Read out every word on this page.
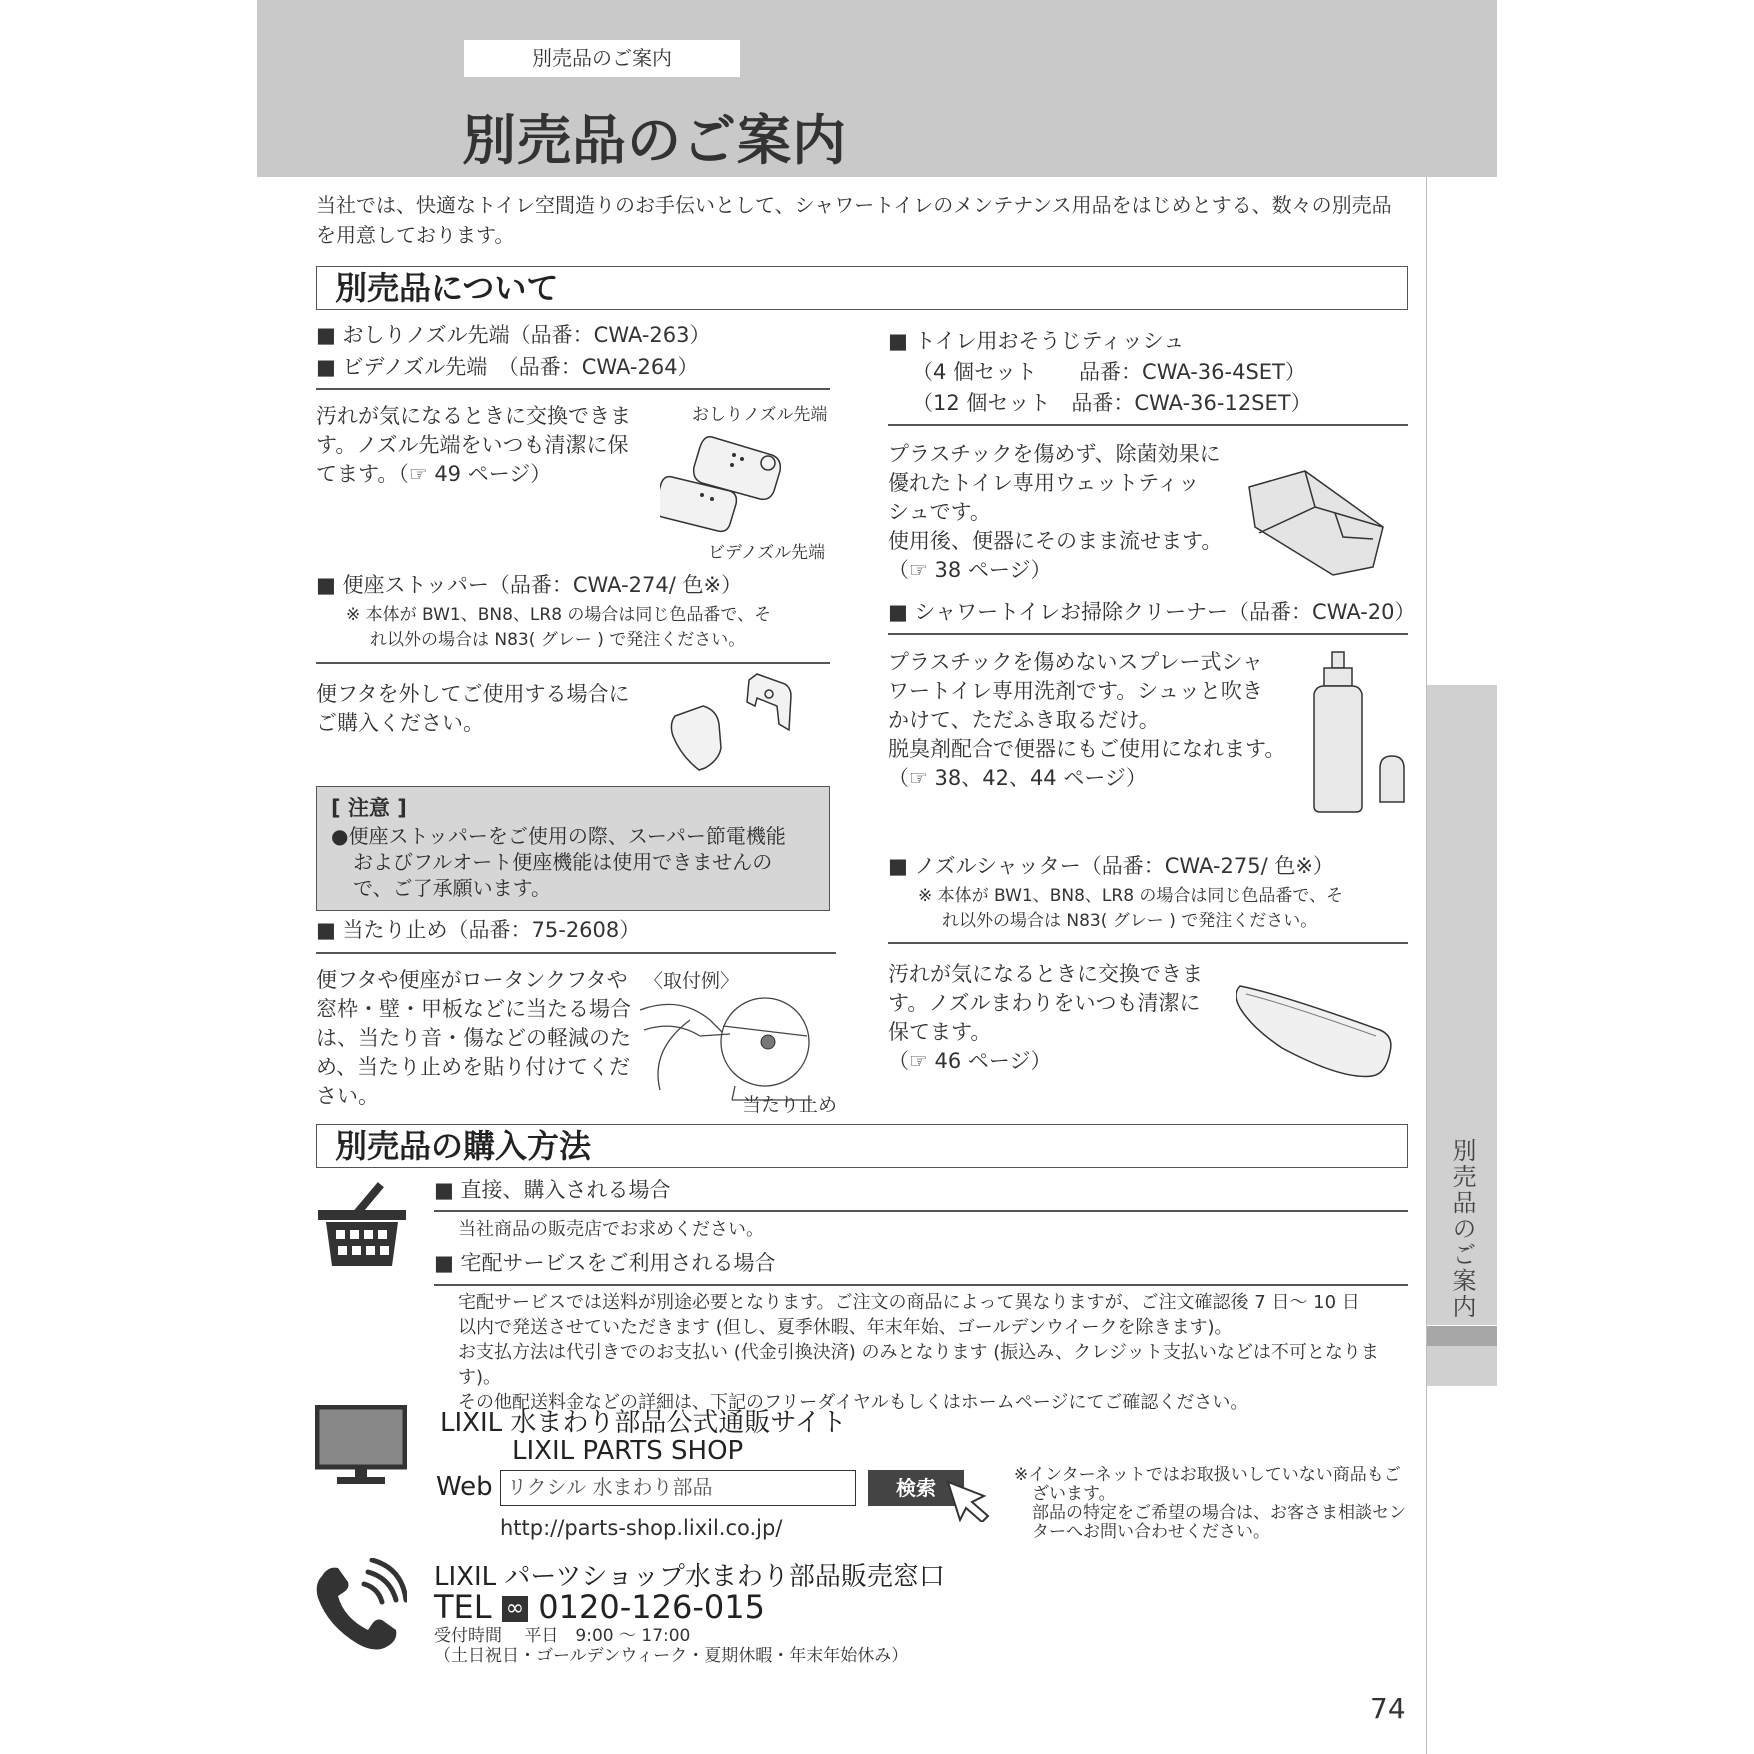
別売品のご案内
別売品のご案内
別売品のご案内
当社では、快適なトイレ空間造りのお手伝いとして、シャワートイレのメンテナンス用品をはじめとする、数々の別売品を用意しております。
別売品について
■ おしりノズル先端（品番：CWA-263）
■ ビデノズル先端　（品番：CWA-264）
汚れが気になるときに交換できま
す。ノズル先端をいつも清潔に保
てます。（☞ 49 ページ）
おしりノズル先端
ビデノズル先端
■ 便座ストッパー（品番：CWA-274/ 色※）
※ 本体が BW1、BN8、LR8 の場合は同じ色品番で、そ
れ以外の場合は N83( グレー ) で発注ください。
便フタを外してご使用する場合に
ご購入ください。
[ 注意 ]
●便座ストッパーをご使用の際、スーパー節電機能
およびフルオート便座機能は使用できませんの
で、ご了承願います。
■ 当たり止め（品番：75-2608）
便フタや便座がロータンクフタや
窓枠・壁・甲板などに当たる場合
は、当たり音・傷などの軽減のた
め、当たり止めを貼り付けてくだ
さい。
〈取付例〉
当たり止め
■ トイレ用おそうじティッシュ
（4 個セット　　品番：CWA-36-4SET）
（12 個セット　品番：CWA-36-12SET）
プラスチックを傷めず、除菌効果に
優れたトイレ専用ウェットティッ
シュです。
使用後、便器にそのまま流せます。
（☞ 38 ページ）
■ シャワートイレお掃除クリーナー（品番：CWA-20）
プラスチックを傷めないスプレー式シャ
ワートイレ専用洗剤です。シュッと吹き
かけて、ただふき取るだけ。
脱臭剤配合で便器にもご使用になれます。
（☞ 38、42、44 ページ）
■ ノズルシャッター（品番：CWA-275/ 色※）
※ 本体が BW1、BN8、LR8 の場合は同じ色品番で、そ
れ以外の場合は N83( グレー ) で発注ください。
汚れが気になるときに交換できま
す。ノズルまわりをいつも清潔に
保てます。
（☞ 46 ページ）
別売品の購入方法
■ 直接、購入される場合
当社商品の販売店でお求めください。
■ 宅配サービスをご利用される場合
宅配サービスでは送料が別途必要となります。ご注文の商品によって異なりますが、ご注文確認後 7 日～ 10 日
以内で発送させていただきます (但し、夏季休暇、年末年始、ゴールデンウイークを除きます)。
お支払方法は代引きでのお支払い (代金引換決済) のみとなります (振込み、クレジット支払いなどは不可となります)。
その他配送料金などの詳細は、下記のフリーダイヤルもしくはホームページにてご確認ください。
LIXIL 水まわり部品公式通販サイト
LIXIL PARTS SHOP
Web リクシル 水まわり部品	検索
http://parts-shop.lixil.co.jp/
※インターネットではお取扱いしていない商品もご
ざいます。
部品の特定をご希望の場合は、お客さま相談セン
ターへお問い合わせください。
LIXIL パーツショップ水まわり部品販売窓口
TEL ∞ 0120-126-015
受付時間　 平日　9:00 ～ 17:00
（土日祝日・ゴールデンウィーク・夏期休暇・年末年始休み）
74
